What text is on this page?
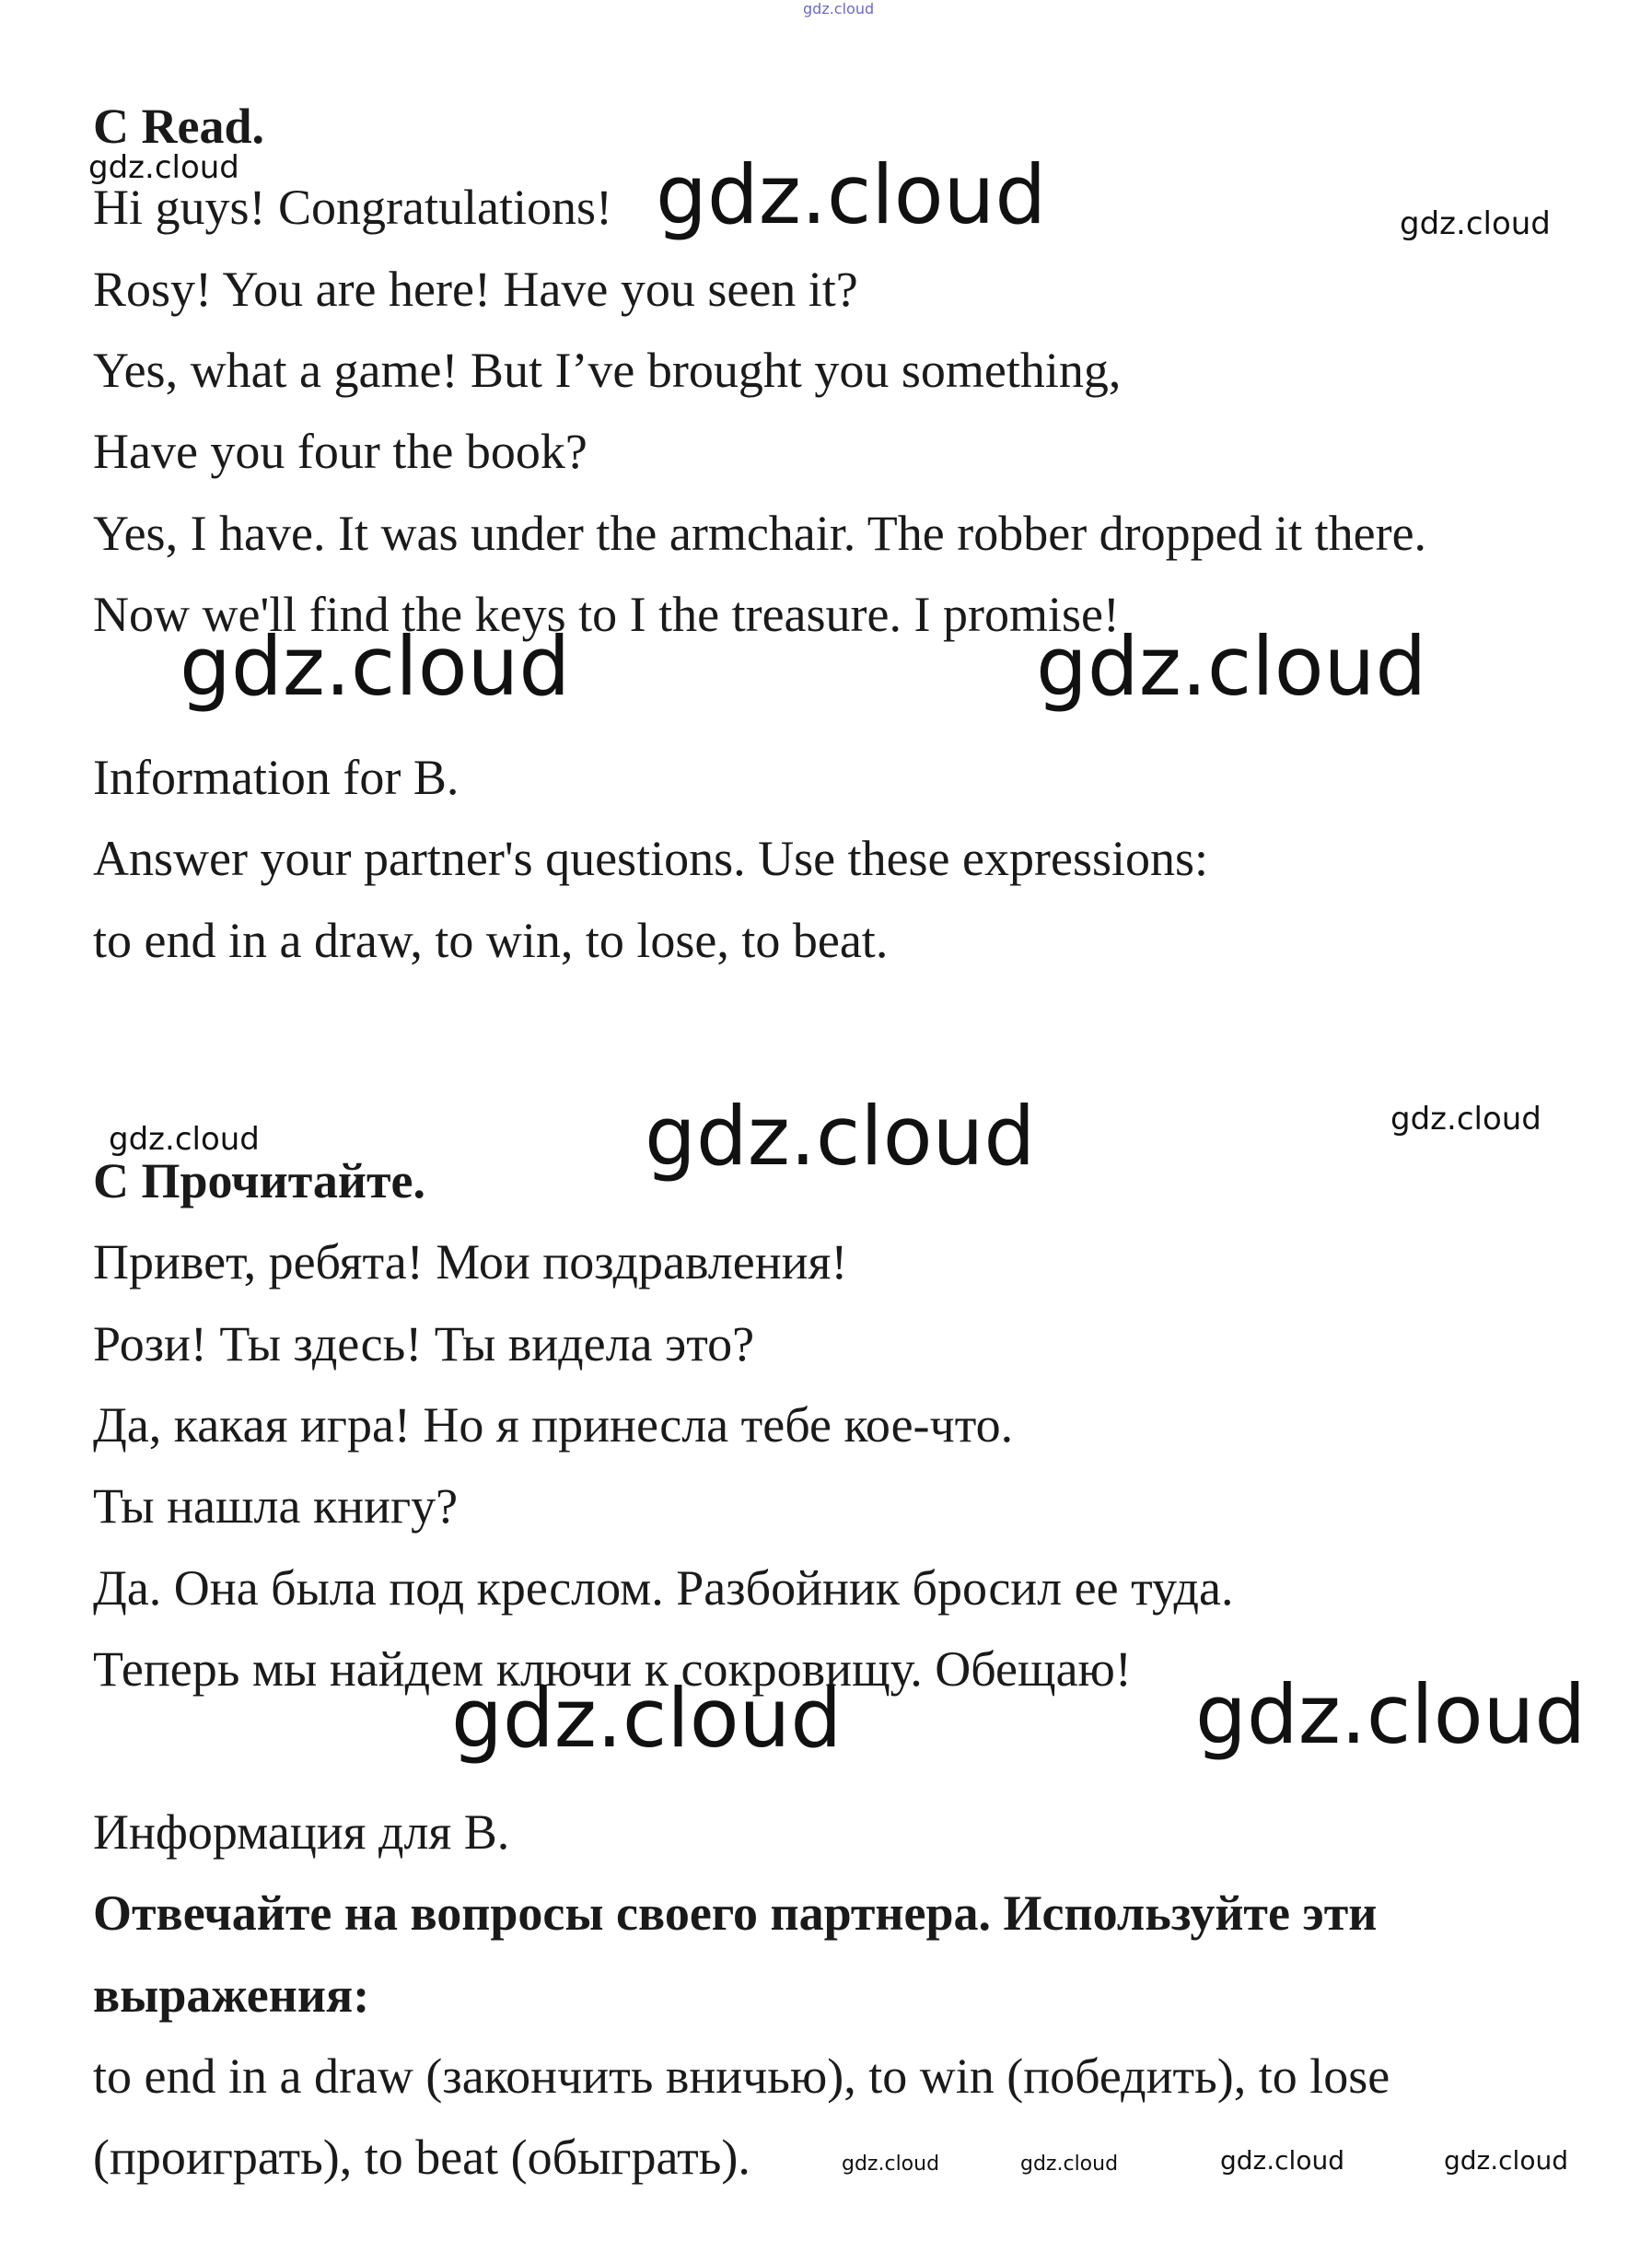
C Read.
Hi guys! Congratulations!
Rosy! You are here! Have you seen it?
Yes, what a game! But I’ve brought you something,
Have you four the book?
Yes, I have. It was under the armchair. The robber dropped it there.
Now we'll find the keys to I the treasure. I promise!
Information for B.
Answer your partner's questions. Use these expressions:
to end in a draw, to win, to lose, to beat.
C Прочитайте.
Привет, ребята! Мои поздравления!
Рози! Ты здесь! Ты видела это?
Да, какая игра! Но я принесла тебе кое-что.
Ты нашла книгу?
Да. Она была под креслом. Разбойник бросил ее туда.
Теперь мы найдем ключи к сокровищу. Обещаю!
Информация для B.
Отвечайте на вопросы своего партнера. Используйте эти
выражения:
to end in a draw (закончить вничью), to win (победить), to lose
(проиграть), to beat (обыграть).
gdz.cloud
gdz.cloud	gdz.cloud	gdz.cloud
gdz.cloud	gdz.cloud
gdz.cloud
gdz.cloud
gdz.cloud
gdz.cloud	gdz.cloud
gdz.cloud	gdz.cloud	gdz.cloud	gdz.cloud
